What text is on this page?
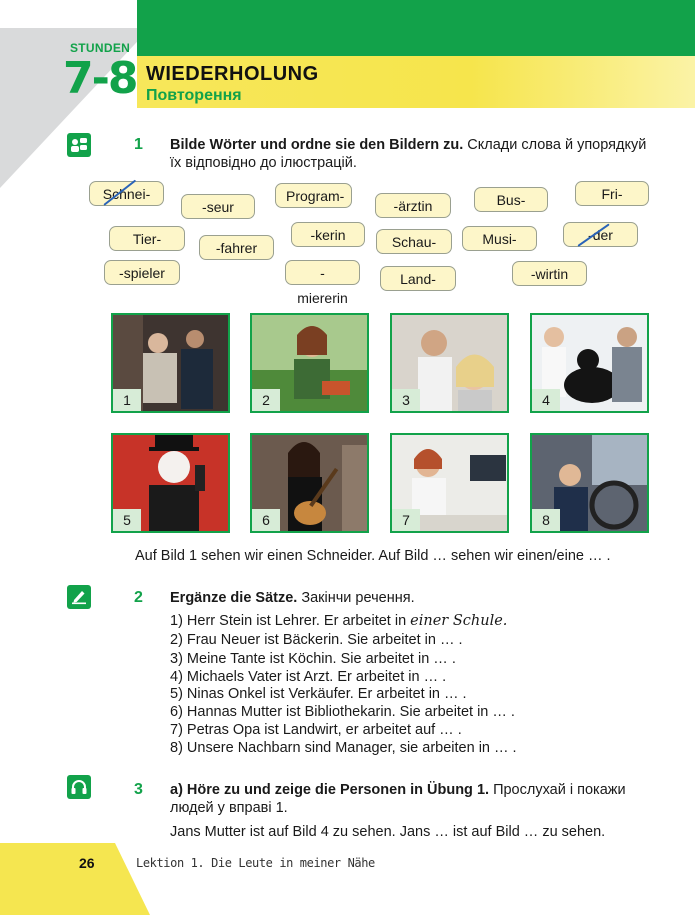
STUNDEN
7-8 WIEDERHOLUNG
Повторення
1 Bilde Wörter und ordne sie den Bildern zu. Склади слова й упорядкуй
їх відповідно до ілюстрацій.
Schnei-
-seur
Program-
-ärztin	Bus-	Fri-
Tier-
-fahrer
-kerin	Schau-	Musi-	-der
-spieler	-miererin
Land-	-wirtin
1	2	3	4
5	6	7	8
Auf Bild 1 sehen wir einen Schneider. Auf Bild … sehen wir einen/eine … .
2 Ergänze die Sätze. Закінчи речення.
1) Herr Stein ist Lehrer. Er arbeitet in einer Schule.
2) Frau Neuer ist Bäckerin. Sie arbeitet in … .
3) Meine Tante ist Köchin. Sie arbeitet in … .
4) Michaels Vater ist Arzt. Er arbeitet in … .
5) Ninas Onkel ist Verkäufer. Er arbeitet in … .
6) Hannas Mutter ist Bibliothekarin. Sie arbeitet in … .
7) Petras Opa ist Landwirt, er arbeitet auf … .
8) Unsere Nachbarn sind Manager, sie arbeiten in … .
3 a) Höre zu und zeige die Personen in Übung 1. Прослухай і покажи
людей у вправі 1.
Jans Mutter ist auf Bild 4 zu sehen. Jans … ist auf Bild … zu sehen.
26	Lektion 1. Die Leute in meiner Nähe
